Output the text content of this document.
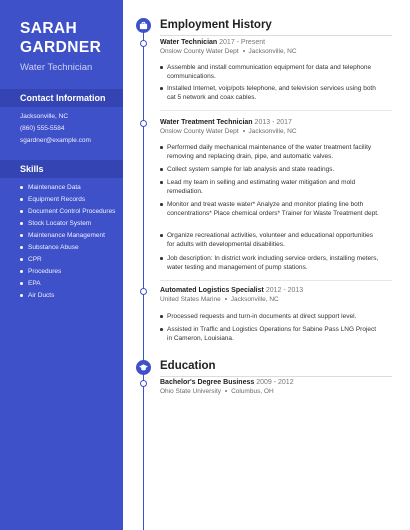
SARAH
GARDNER
Water Technician
Contact Information
Jacksonville, NC
(860) 555-5584
sgardner@example.com
Skills
Maintenance Data
Equipment Records
Document Control Procedures
Stock Locator System
Maintenance Management
Substance Abuse
CPR
Procedures
EPA
Air Ducts
Employment History
Water Technician 2017 - Present
Onslow County Water Dept Jacksonville, NC
Assemble and install communication equipment for data and telephone communications.
Installed Internet, voip/pots telephone, and television services using both cat 5 network and coax cables.
Water Treatment Technician 2013 - 2017
Onslow County Water Dept Jacksonville, NC
Performed daily mechanical maintenance of the water treatment facility removing and replacing drain, pipe, and automatic valves.
Collect system sample for lab analysis and state readings.
Lead my team in selling and estimating water mitigation and mold remediation.
Monitor and treat waste water* Analyze and monitor plating line both concentrations* Place chemical orders* Trainer for Waste Treatment dept.
Organize recreational activities, volunteer and educational opportunities for adults with developmental disabilities.
Job description: In district work including service orders, installing meters, water testing and management of pump stations.
Automated Logistics Specialist 2012 - 2013
United States Marine Jacksonville, NC
Processed requests and turn-in documents at direct support level.
Assisted in Traffic and Logistics Operations for Sabine Pass LNG Project in Cameron, Louisiana.
Education
Bachelor's Degree Business 2009 - 2012
Ohio State University Columbus, OH
